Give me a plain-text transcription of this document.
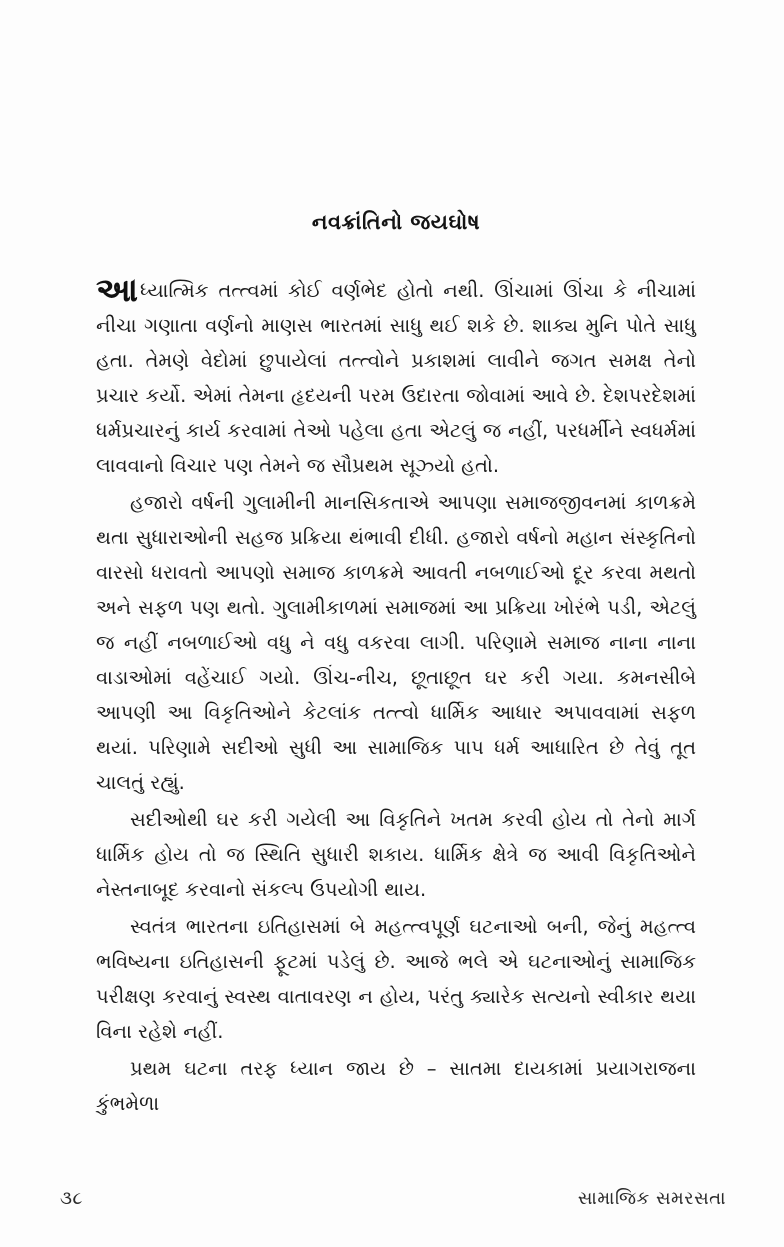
નવક્રાંતિનો જયઘોષ

આધ્યાત્મિક તત્ત્વમાં કોઈ વર્ણભેદ હોતો નથી. ઊંચામાં ઊંચા કે નીચામાં નીચા ગણાતા વર્ણનો માણસ ભારતમાં સાધુ થઈ શકે છે. શાક્ય મુનિ પોતે સાધુ હતા. તેમણે વેદોમાં છુપાયેલાં તત્ત્વોને પ્રકાશમાં લાવીને જગત સમક્ષ તેનો પ્રચાર કર્યો. એમાં તેમના હૃદયની પરમ ઉદારતા જોવામાં આવે છે. દેશપરદેશમાં ધર્મપ્રચારનું કાર્ય કરવામાં તેઓ પહેલા હતા એટલું જ નહીં, પરધર્મીને સ્વધર્મમાં લાવવાનો વિચાર પણ તેમને જ સૌપ્રથમ સૂઝ્યો હતો.

હજારો વર્ષની ગુલામીની માનસિકતાએ આપણા સમાજજીવનમાં કાળક્રમે થતા સુધારાઓની સહજ પ્રક્રિયા થંભાવી દીધી. હજારો વર્ષનો મહાન સંસ્કૃતિનો વારસો ધરાવતો આપણો સમાજ કાળક્રમે આવતી નબળાઈઓ દૂર કરવા મથતો અને સફળ પણ થતો. ગુલામીકાળમાં સમાજમાં આ પ્રક્રિયા ખોરંભે પડી, એટલું જ નહીં નબળાઈઓ વધુ ને વધુ વકરવા લાગી. પરિણામે સમાજ નાના નાના વાડાઓમાં વહેંચાઈ ગયો. ઊંચ-નીચ, છૂતાછૂત ઘર કરી ગયા. કમનસીબે આપણી આ વિકૃતિઓને કેટલાંક તત્ત્વો ધાર્મિક આધાર અપાવવામાં સફળ થયાં. પરિણામે સદીઓ સુધી આ સામાજિક પાપ ધર્મ આધારિત છે તેવું તૂત ચાલતું રહ્યું.

સદીઓથી ઘર કરી ગયેલી આ વિકૃતિને ખતમ કરવી હોય તો તેનો માર્ગ ધાર્મિક હોય તો જ સ્થિતિ સુધારી શકાય. ધાર્મિક ક્ષેત્રે જ આવી વિકૃતિઓને નેસ્તનાબૂદ કરવાનો સંકલ્પ ઉપયોગી થાય.

સ્વતંત્ર ભારતના ઇતિહાસમાં બે મહત્ત્વપૂર્ણ ઘટનાઓ બની, જેનું મહત્ત્વ ભવિષ્યના ઇતિહાસની ફૂટમાં પડેલું છે. આજે ભલે એ ઘટનાઓનું સામાજિક પરીક્ષણ કરવાનું સ્વસ્થ વાતાવરણ ન હોય, પરંતુ ક્યારેક સત્યનો સ્વીકાર થયા વિના રહેશે નહીં.

પ્રથમ ઘટના તરફ ધ્યાન જાય છે – સાતમા દાયકામાં પ્રયાગરાજના કુંભમેળા

૩૮	સામાજિક સમરસતા
